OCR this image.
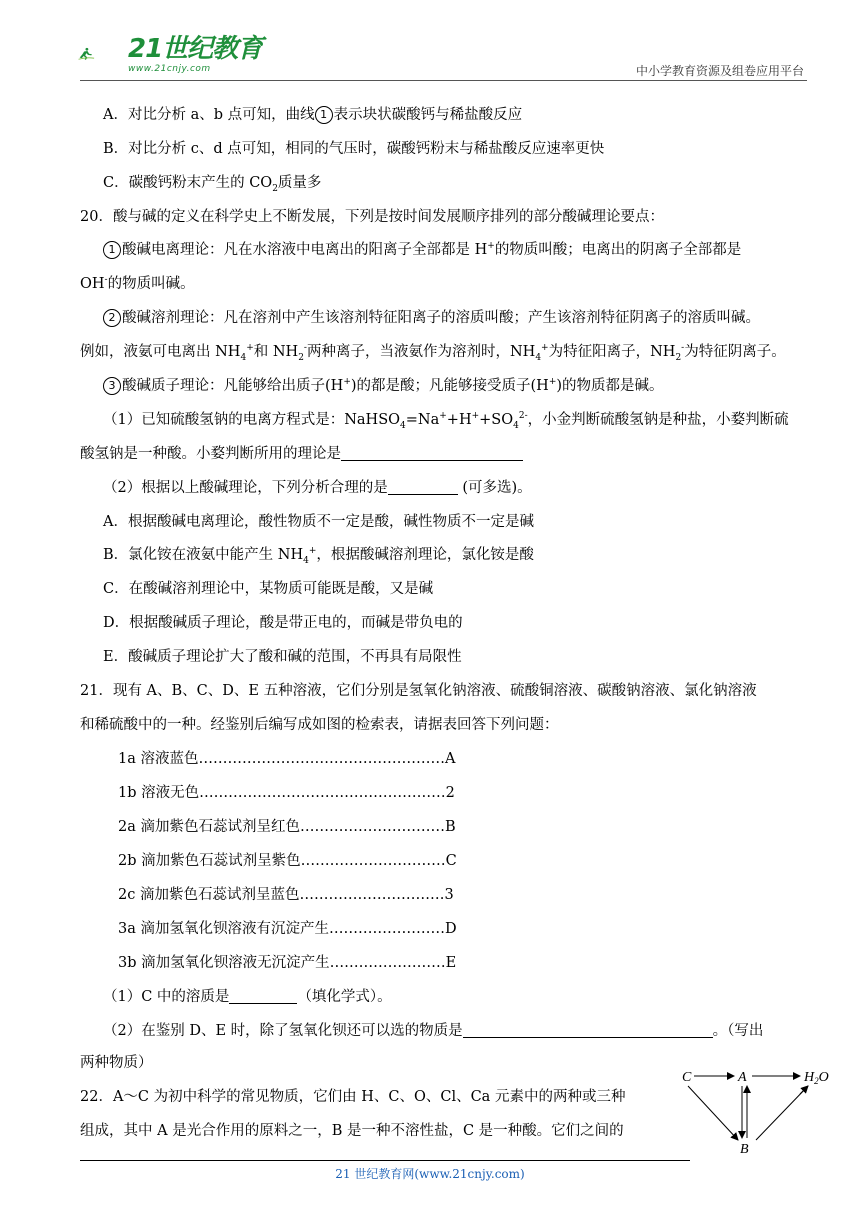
21世纪教育
www.21cnjy.com	中小学教育资源及组卷应用平台
A．对比分析 a、b 点可知，曲线 1 表示块状碳酸钙与稀盐酸反应
B．对比分析 c、d 点可知，相同的气压时，碳酸钙粉末与稀盐酸反应速率更快
C．碳酸钙粉末产生的 $CO_2$质量多
20．酸与碱的定义在科学史上不断发展，下列是按时间发展顺序排列的部分酸碱理论要点：
1 酸碱电离理论：凡在水溶液中电离出的阳离子全部都是 H+的物质叫酸；电离出的阴离子全部都是
OH-的物质叫碱。
2 酸碱溶剂理论：凡在溶剂中产生该溶剂特征阳离子的溶质叫酸；产生该溶剂特征阴离子的溶质叫碱。
例如，液氨可电离出 $NH_4^+$和 $NH_2^-$两种离子，当液氨作为溶剂时，$NH_4^+$为特征阳离子，$NH_2^-$为特征阴离子。
3 酸碱质子理论：凡能够给出质子(H+)的都是酸；凡能够接受质子(H+)的物质都是碱。
（1）已知硫酸氢钠的电离方程式是：$NaHSO_4=Na^++H^++SO_4^{2-}$，小金判断硫酸氢钠是种盐，小婺判断硫
酸氢钠是一种酸。小婺判断所用的理论是
（2）根据以上酸碱理论，下列分析合理的是	(可多选)。
A．根据酸碱电离理论，酸性物质不一定是酸，碱性物质不一定是碱
B．氯化铵在液氨中能产生 $NH_4^+$，根据酸碱溶剂理论，氯化铵是酸
C．在酸碱溶剂理论中，某物质可能既是酸，又是碱
D．根据酸碱质子理论，酸是带正电的，而碱是带负电的
E．酸碱质子理论扩大了酸和碱的范围，不再具有局限性
21．现有 A、B、C、D、E 五种溶液，它们分别是氢氧化钠溶液、硫酸铜溶液、碳酸钠溶液、氯化钠溶液
和稀硫酸中的一种。经鉴别后编写成如图的检索表，请据表回答下列问题：
1a 溶液蓝色……………………………………………A
1b 溶液无色……………………………………………2
2a 滴加紫色石蕊试剂呈红色…………………………B
2b 滴加紫色石蕊试剂呈紫色…………………………C
2c 滴加紫色石蕊试剂呈蓝色…………………………3
3a 滴加氢氧化钡溶液有沉淀产生……………………D
3b 滴加氢氧化钡溶液无沉淀产生……………………E
（1）C 中的溶质是	（填化学式）。
（2）在鉴别 D、E 时，除了氢氧化钡还可以选的物质是	。（写出
两种物质）
22．A～C 为初中科学的常见物质，它们由 H、C、O、Cl、Ca 元素中的两种或三种
组成，其中 A 是光合作用的原料之一，B 是一种不溶性盐，C 是一种酸。它们之间的
C	A	$H_2O$
B
21 世纪教育网(www.21cnjy.com)
